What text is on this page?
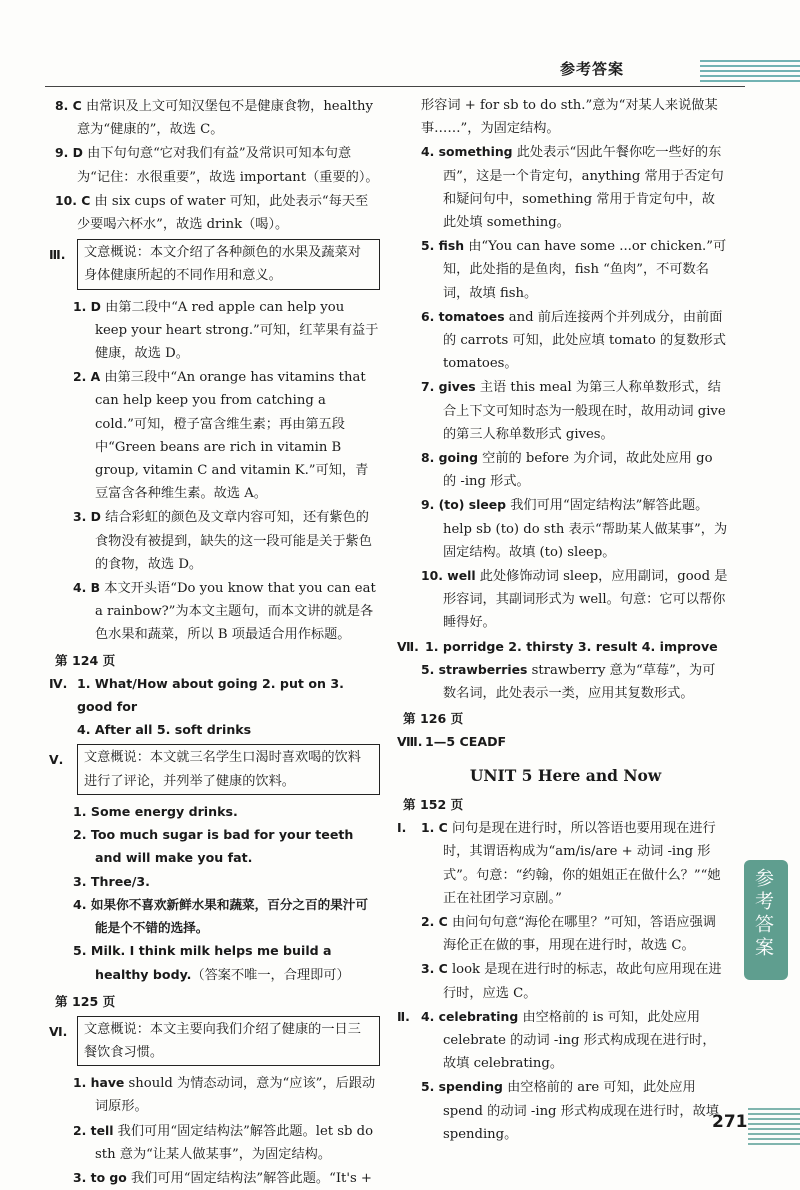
参考答案
8. C 由常识及上文可知汉堡包不是健康食物，healthy 意为“健康的”，故选 C。
9. D 由下句句意“它对我们有益”及常识可知本句意为“记住：水很重要”，故选 important（重要的）。
10. C 由 six cups of water 可知，此处表示“每天至少要喝六杯水”，故选 drink（喝）。
Ⅲ.	文意概说：本文介绍了各种颜色的水果及蔬菜对身体健康所起的不同作用和意义。
1. D 由第二段中“A red apple can help you keep your heart strong.”可知，红苹果有益于健康，故选 D。
2. A 由第三段中“An orange has vitamins that can help keep you from catching a cold.”可知，橙子富含维生素；再由第五段中“Green beans are rich in vitamin B group, vitamin C and vitamin K.”可知，青豆富含各种维生素。故选 A。
3. D 结合彩虹的颜色及文章内容可知，还有紫色的食物没有被提到，缺失的这一段可能是关于紫色的食物，故选 D。
4. B 本文开头语“Do you know that you can eat a rainbow?”为本文主题句，而本文讲的就是各色水果和蔬菜，所以 B 项最适合用作标题。
第 124 页
Ⅳ. 1. What/How about going 2. put on 3. good for
4. After all 5. soft drinks
Ⅴ.	文意概说：本文就三名学生口渴时喜欢喝的饮料进行了评论，并列举了健康的饮料。
1. Some energy drinks.
2. Too much sugar is bad for your teeth and will make you fat.
3. Three/3.
4. 如果你不喜欢新鲜水果和蔬菜，百分之百的果汁可能是个不错的选择。
5. Milk. I think milk helps me build a healthy body.（答案不唯一，合理即可）
第 125 页
Ⅵ.	文意概说：本文主要向我们介绍了健康的一日三餐饮食习惯。
1. have should 为情态动词，意为“应该”，后跟动词原形。
2. tell 我们可用“固定结构法”解答此题。let sb do sth 意为“让某人做某事”，为固定结构。
3. to go 我们可用“固定结构法”解答此题。“It's +
形容词 + for sb to do sth.”意为“对某人来说做某事……”，为固定结构。
4. something 此处表示“因此午餐你吃一些好的东西”，这是一个肯定句，anything 常用于否定句和疑问句中，something 常用于肯定句中，故此处填 something。
5. fish 由“You can have some ...or chicken.”可知，此处指的是鱼肉，fish “鱼肉”，不可数名词，故填 fish。
6. tomatoes and 前后连接两个并列成分，由前面的 carrots 可知，此处应填 tomato 的复数形式 tomatoes。
7. gives 主语 this meal 为第三人称单数形式，结合上下文可知时态为一般现在时，故用动词 give 的第三人称单数形式 gives。
8. going 空前的 before 为介词，故此处应用 go 的 -ing 形式。
9. (to) sleep 我们可用“固定结构法”解答此题。help sb (to) do sth 表示“帮助某人做某事”，为固定结构。故填 (to) sleep。
10. well 此处修饰动词 sleep，应用副词，good 是形容词，其副词形式为 well。句意：它可以帮你睡得好。
Ⅶ. 1. porridge 2. thirsty 3. result 4. improve
5. strawberries strawberry 意为“草莓”，为可数名词，此处表示一类，应用其复数形式。
第 126 页
Ⅷ. 1—5 CEADF
UNIT 5 Here and Now
第 152 页
Ⅰ. 1. C 问句是现在进行时，所以答语也要用现在进行时，其谓语构成为“am/is/are + 动词 -ing 形式”。句意：“约翰，你的姐姐正在做什么？”“她正在社团学习京剧。”
2. C 由问句句意“海伦在哪里？”可知，答语应强调海伦正在做的事，用现在进行时，故选 C。
3. C look 是现在进行时的标志，故此句应用现在进行时，应选 C。
Ⅱ. 4. celebrating 由空格前的 is 可知，此处应用 celebrate 的动词 -ing 形式构成现在进行时，故填 celebrating。
5. spending 由空格前的 are 可知，此处应用 spend 的动词 -ing 形式构成现在进行时，故填 spending。
参考答案
271
